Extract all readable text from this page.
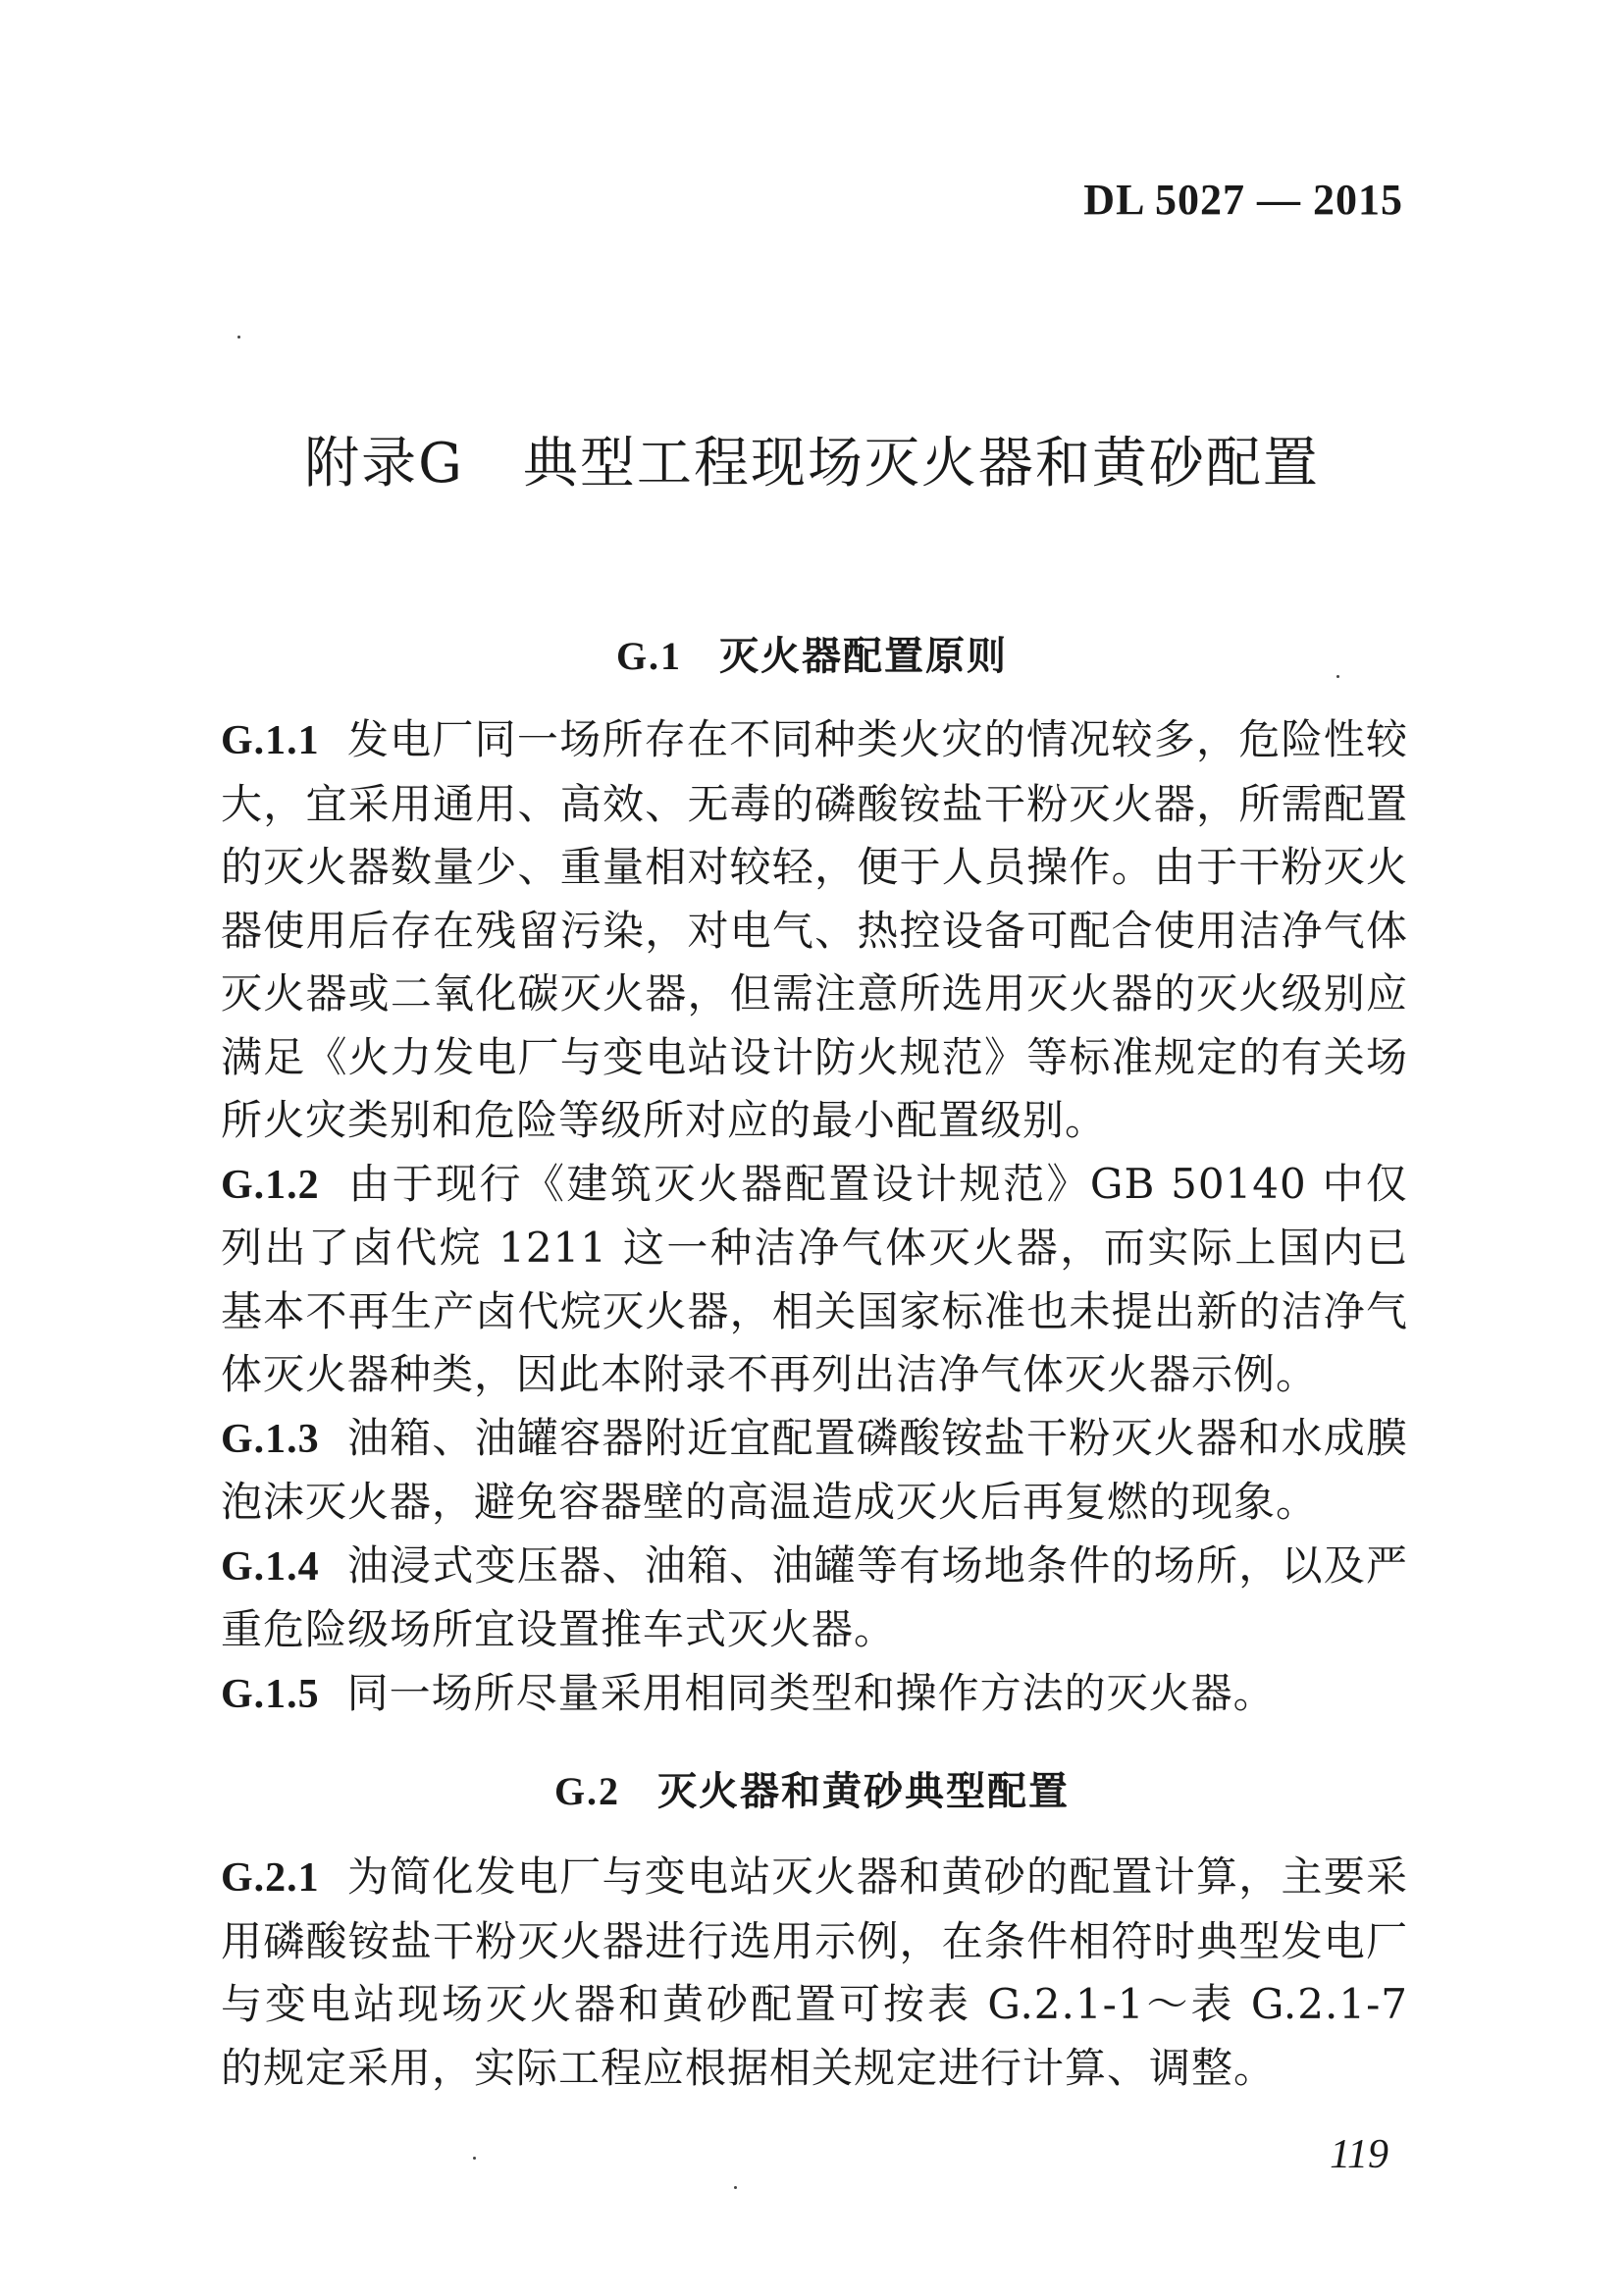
DL 5027 — 2015
附录G 典型工程现场灭火器和黄砂配置
G.1 灭火器配置原则

G.1.1 发电厂同一场所存在不同种类火灾的情况较多，危险性较大，宜采用通用、高效、无毒的磷酸铵盐干粉灭火器，所需配置的灭火器数量少、重量相对较轻，便于人员操作。由于干粉灭火器使用后存在残留污染，对电气、热控设备可配合使用洁净气体灭火器或二氧化碳灭火器，但需注意所选用灭火器的灭火级别应满足《火力发电厂与变电站设计防火规范》等标准规定的有关场所火灾类别和危险等级所对应的最小配置级别。

G.1.2 由于现行《建筑灭火器配置设计规范》GB 50140 中仅列出了卤代烷 1211 这一种洁净气体灭火器，而实际上国内已基本不再生产卤代烷灭火器，相关国家标准也未提出新的洁净气体灭火器种类，因此本附录不再列出洁净气体灭火器示例。

G.1.3 油箱、油罐容器附近宜配置磷酸铵盐干粉灭火器和水成膜泡沫灭火器，避免容器壁的高温造成灭火后再复燃的现象。

G.1.4 油浸式变压器、油箱、油罐等有场地条件的场所，以及严重危险级场所宜设置推车式灭火器。

G.1.5 同一场所尽量采用相同类型和操作方法的灭火器。

G.2 灭火器和黄砂典型配置

G.2.1 为简化发电厂与变电站灭火器和黄砂的配置计算，主要采用磷酸铵盐干粉灭火器进行选用示例，在条件相符时典型发电厂与变电站现场灭火器和黄砂配置可按表 G.2.1-1～表 G.2.1-7 的规定采用，实际工程应根据相关规定进行计算、调整。

119
